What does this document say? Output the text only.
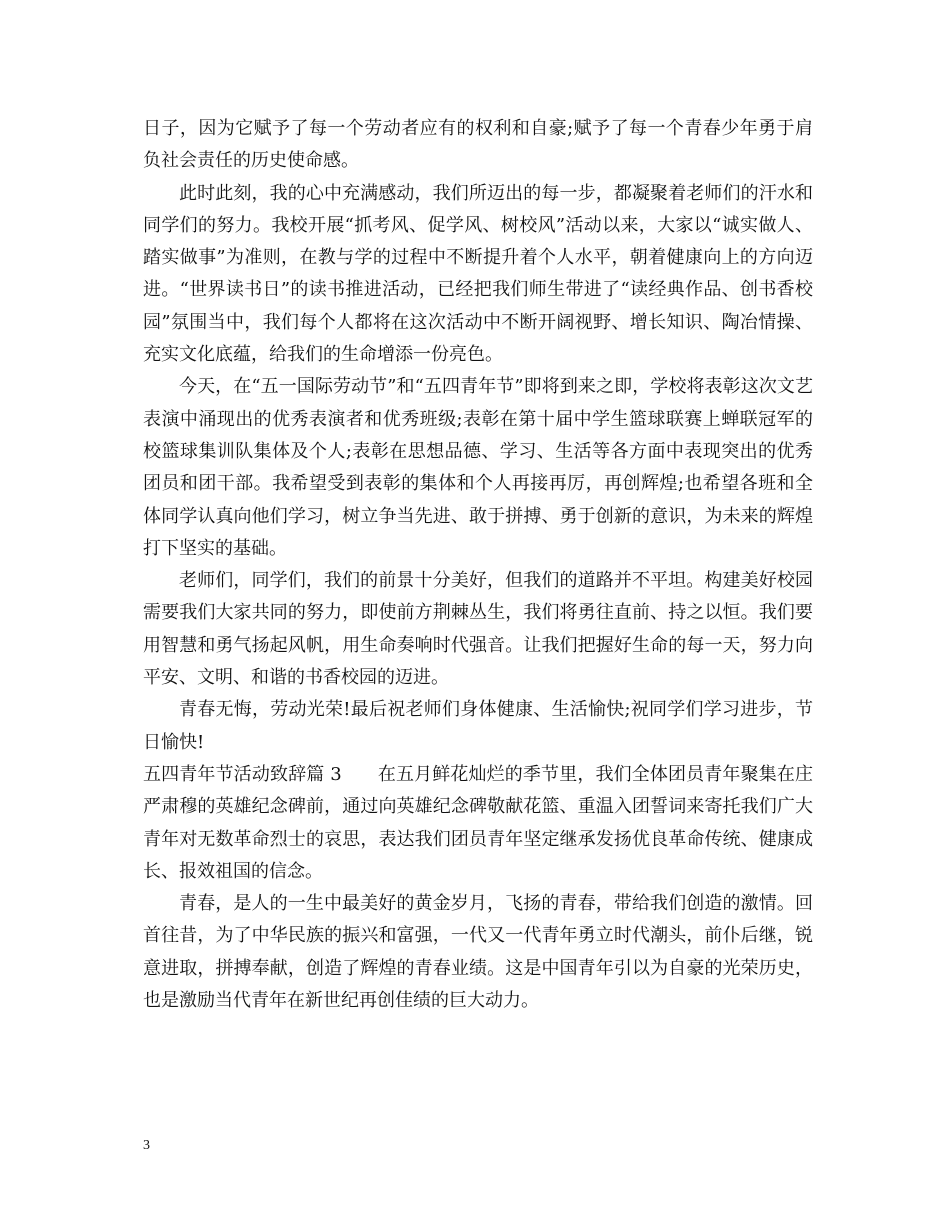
日子，因为它赋予了每一个劳动者应有的权利和自豪;赋予了每一个青春少年勇于肩负社会责任的历史使命感。

此时此刻，我的心中充满感动，我们所迈出的每一步，都凝聚着老师们的汗水和同学们的努力。我校开展“抓考风、促学风、树校风”活动以来，大家以“诚实做人、踏实做事”为准则，在教与学的过程中不断提升着个人水平，朝着健康向上的方向迈进。“世界读书日”的读书推进活动，已经把我们师生带进了“读经典作品、创书香校园”氛围当中，我们每个人都将在这次活动中不断开阔视野、增长知识、陶冶情操、充实文化底蕴，给我们的生命增添一份亮色。

今天，在“五一国际劳动节”和“五四青年节”即将到来之即，学校将表彰这次文艺表演中涌现出的优秀表演者和优秀班级;表彰在第十届中学生篮球联赛上蝉联冠军的校篮球集训队集体及个人;表彰在思想品德、学习、生活等各方面中表现突出的优秀团员和团干部。我希望受到表彰的集体和个人再接再厉，再创辉煌;也希望各班和全体同学认真向他们学习，树立争当先进、敢于拼搏、勇于创新的意识，为未来的辉煌打下坚实的基础。

老师们，同学们，我们的前景十分美好，但我们的道路并不平坦。构建美好校园需要我们大家共同的努力，即使前方荆棘丛生，我们将勇往直前、持之以恒。我们要用智慧和勇气扬起风帆，用生命奏响时代强音。让我们把握好生命的每一天，努力向平安、文明、和谐的书香校园的迈进。

青春无悔，劳动光荣!最后祝老师们身体健康、生活愉快;祝同学们学习进步，节日愉快!

五四青年节活动致辞篇 3 在五月鲜花灿烂的季节里，我们全体团员青年聚集在庄严肃穆的英雄纪念碑前，通过向英雄纪念碑敬献花篮、重温入团誓词来寄托我们广大青年对无数革命烈士的哀思，表达我们团员青年坚定继承发扬优良革命传统、健康成长、报效祖国的信念。

青春，是人的一生中最美好的黄金岁月，飞扬的青春，带给我们创造的激情。回首往昔，为了中华民族的振兴和富强，一代又一代青年勇立时代潮头，前仆后继，锐意进取，拼搏奉献，创造了辉煌的青春业绩。这是中国青年引以为自豪的光荣历史，也是激励当代青年在新世纪再创佳绩的巨大动力。

3
